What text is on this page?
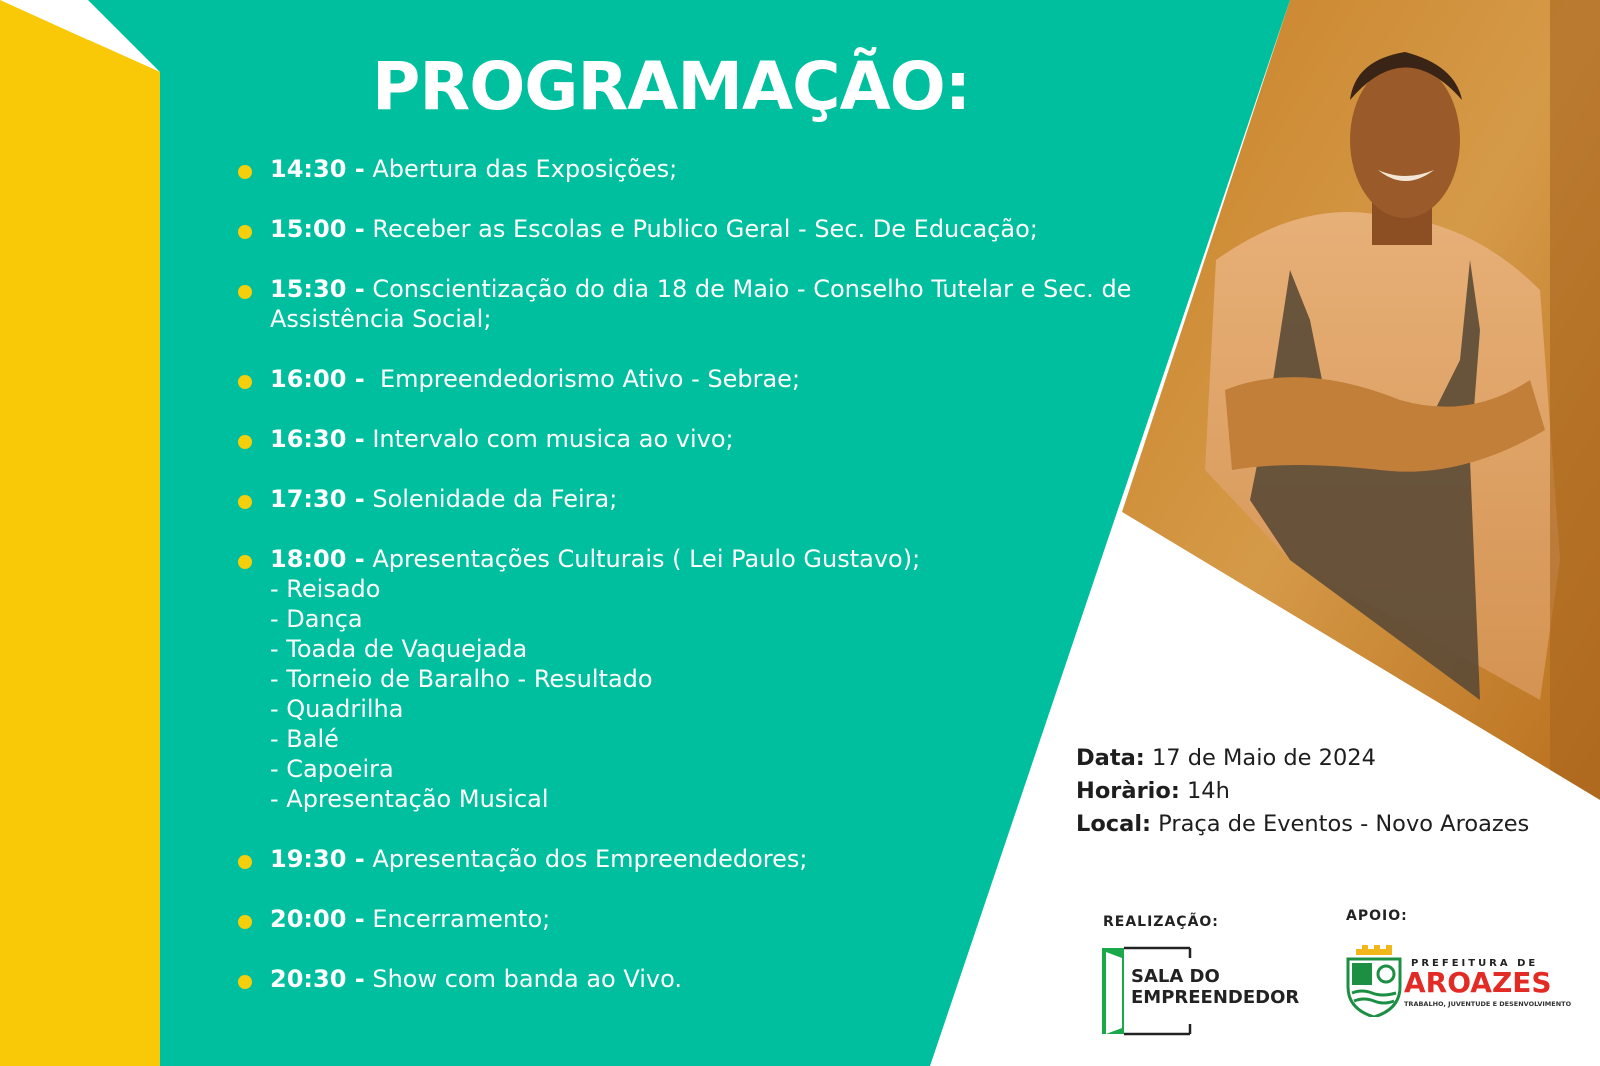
PROGRAMAÇÃO:
14:30 - Abertura das Exposições;
15:00 - Receber as Escolas e Publico Geral - Sec. De Educação;
15:30 - Conscientização do dia 18 de Maio - Conselho Tutelar e Sec. de
Assistência Social;
16:00 -  Empreendedorismo Ativo - Sebrae;
16:30 - Intervalo com musica ao vivo;
17:30 - Solenidade da Feira;
18:00 - Apresentações Culturais ( Lei Paulo Gustavo);
- Reisado
- Dança
- Toada de Vaquejada
- Torneio de Baralho - Resultado
- Quadrilha
- Balé
- Capoeira
- Apresentação Musical
19:30 - Apresentação dos Empreendedores;
20:00 - Encerramento;
20:30 - Show com banda ao Vivo.
Data: 17 de Maio de 2024
Horàrio: 14h
Local: Praça de Eventos - Novo Aroazes
REALIZAÇÃO:
SALA DO
EMPREENDEDOR
APOIO:
PREFEITURA DE
AROAZES
TRABALHO, JUVENTUDE E DESENVOLVIMENTO
